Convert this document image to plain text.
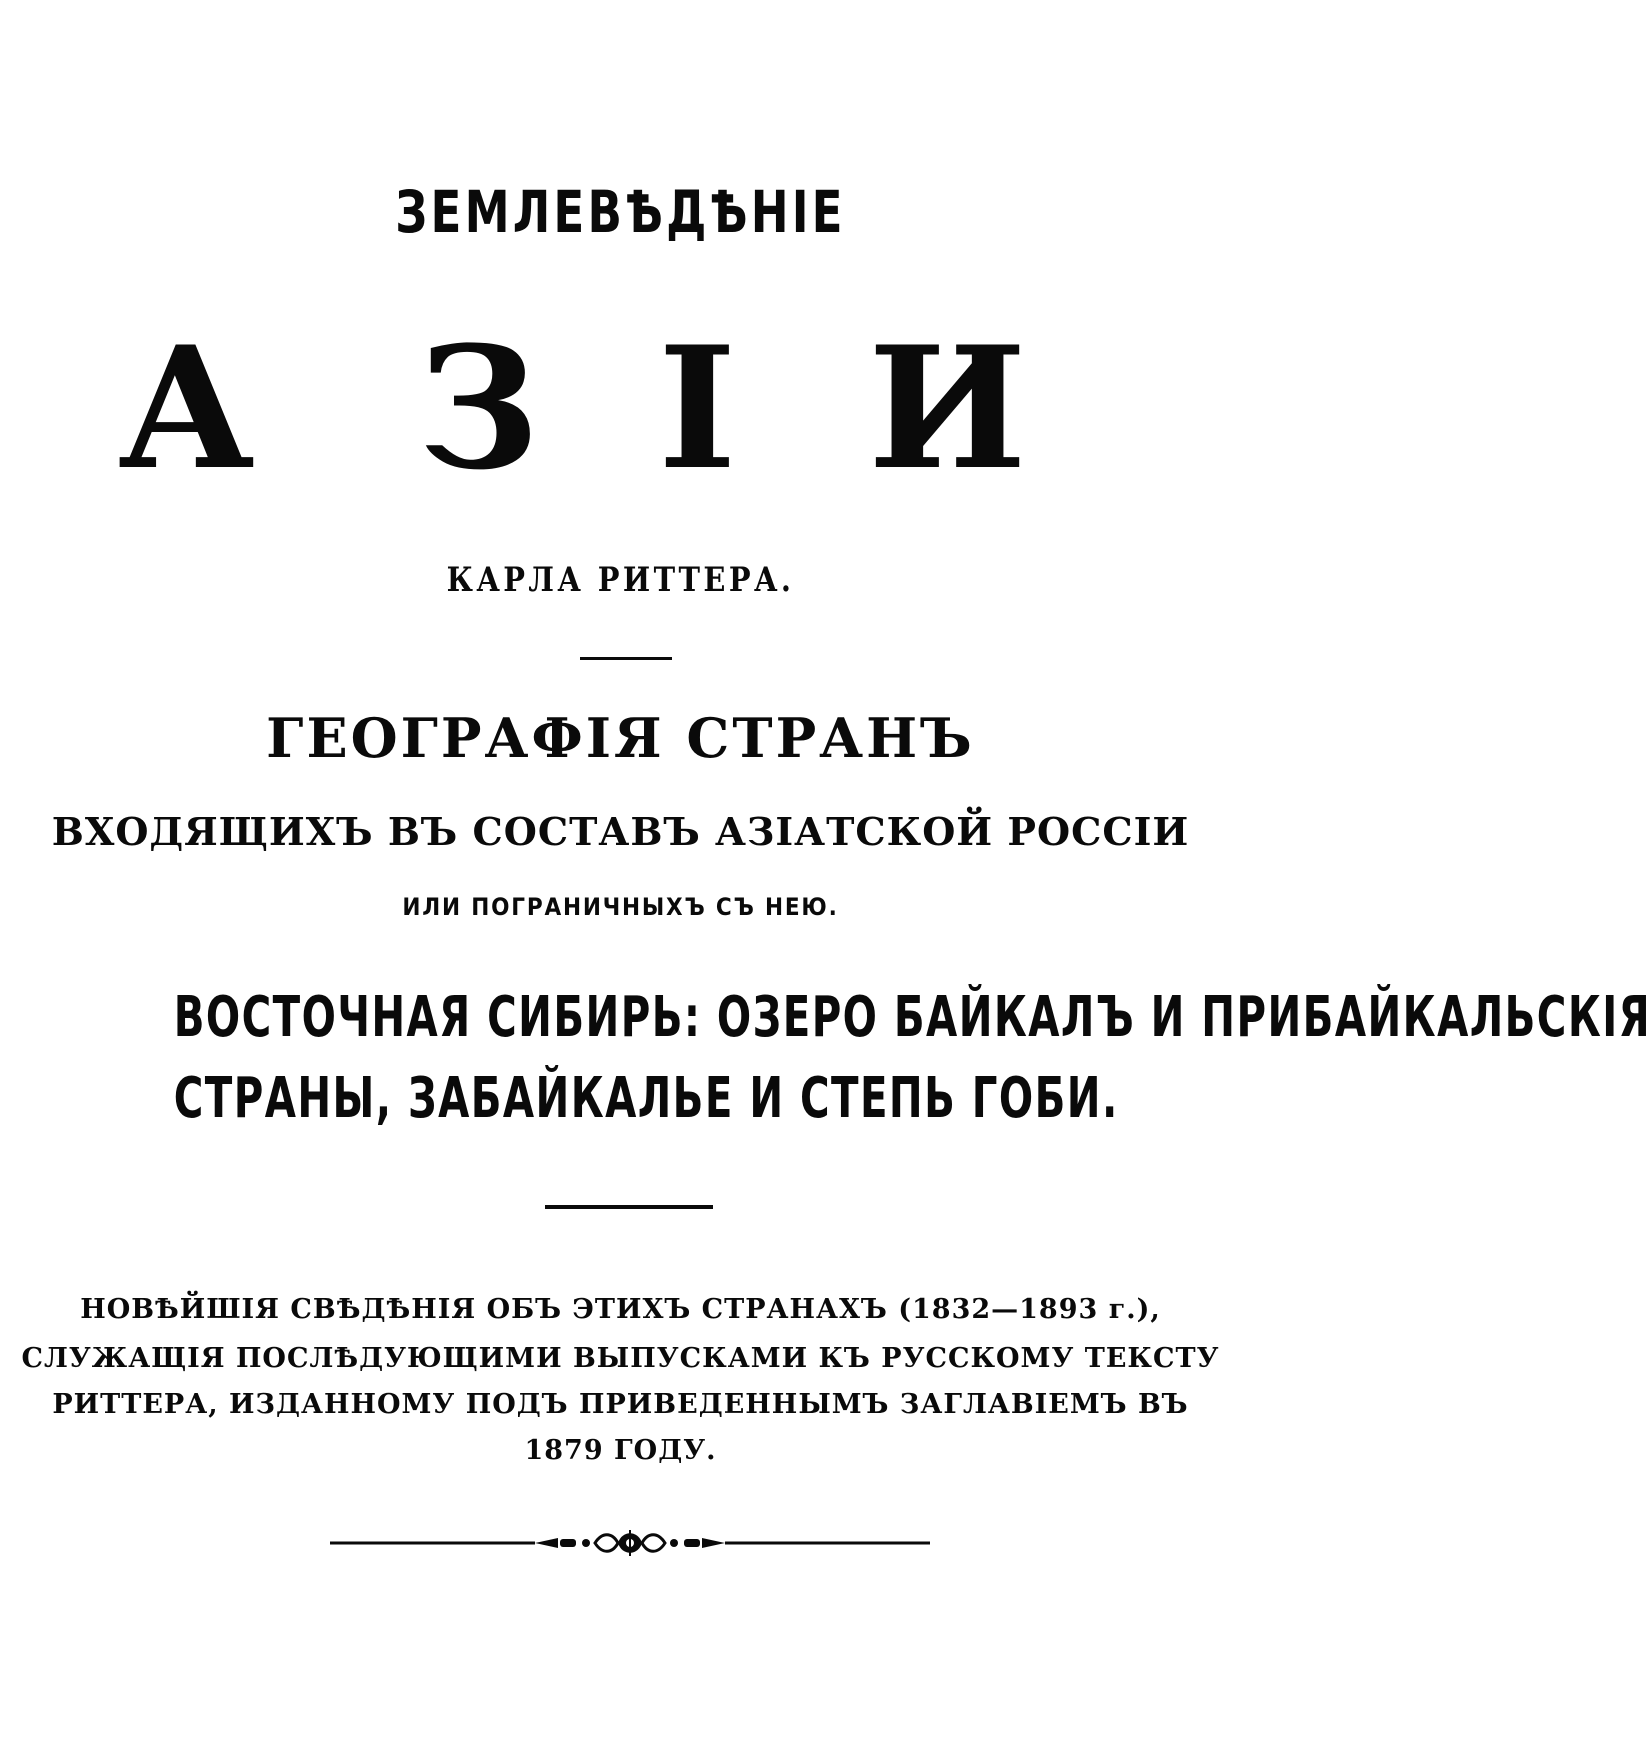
ЗЕМЛЕВѢДѢНІЕ
А З І И
КАРЛА РИТТЕРА.
ГЕОГРАФІЯ СТРАНЪ
ВХОДЯЩИХЪ ВЪ СОСТАВЪ АЗІАТСКОЙ РОССІИ
ИЛИ ПОГРАНИЧНЫХЪ СЪ НЕЮ.
ВОСТОЧНАЯ СИБИРЬ: ОЗЕРО БАЙКАЛЪ И ПРИБАЙКАЛЬСКІЯ
СТРАНЫ, ЗАБАЙКАЛЬЕ И СТЕПЬ ГОБИ.
НОВѢЙШІЯ СВѢДѢНІЯ ОБЪ ЭТИХЪ СТРАНАХЪ (1832—1893 г.),
СЛУЖАЩІЯ ПОСЛѢДУЮЩИМИ ВЫПУСКАМИ КЪ РУССКОМУ ТЕКСТУ
РИТТЕРА, ИЗДАННОМУ ПОДЪ ПРИВЕДЕННЫМЪ ЗАГЛАВІЕМЪ ВЪ
1879 ГОДУ.
